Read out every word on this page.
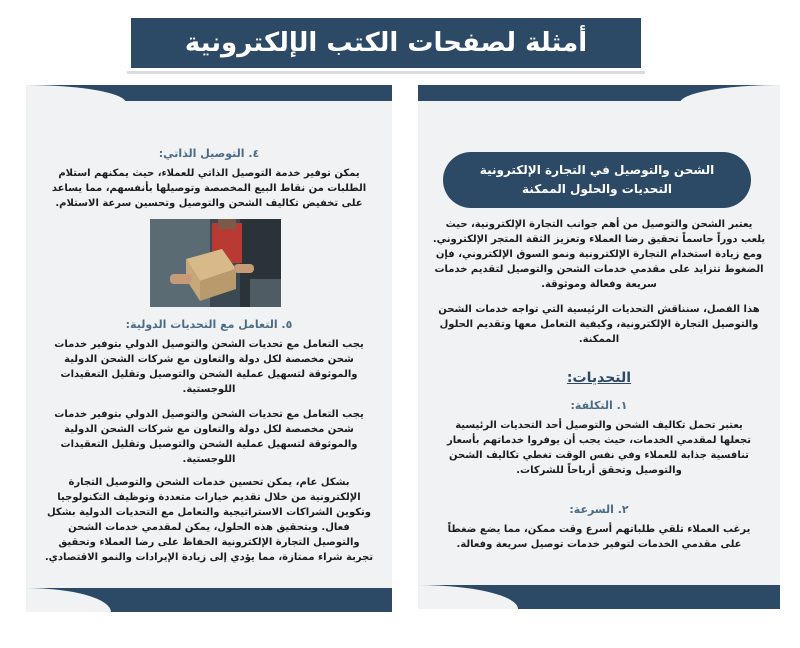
أمثلة لصفحات الكتب الإلكترونية

٤. التوصيل الذاتي:

يمكن توفير خدمة التوصيل الذاتي للعملاء، حيث يمكنهم استلام الطلبات من نقاط البيع المخصصة وتوصيلها بأنفسهم، مما يساعد على تخفيض تكاليف الشحن والتوصيل وتحسين سرعة الاستلام.

٥. التعامل مع التحديات الدولية:

يجب التعامل مع تحديات الشحن والتوصيل الدولي بتوفير خدمات شحن مخصصة لكل دولة والتعاون مع شركات الشحن الدولية والموثوقة لتسهيل عملية الشحن والتوصيل وتقليل التعقيدات اللوجستية.

يجب التعامل مع تحديات الشحن والتوصيل الدولي بتوفير خدمات شحن مخصصة لكل دولة والتعاون مع شركات الشحن الدولية والموثوقة لتسهيل عملية الشحن والتوصيل وتقليل التعقيدات اللوجستية.

بشكل عام، يمكن تحسين خدمات الشحن والتوصيل التجارة الإلكترونية من خلال تقديم خيارات متعددة وتوظيف التكنولوجيا وتكوين الشراكات الاستراتيجية والتعامل مع التحديات الدولية بشكل فعال. وبتحقيق هذه الحلول، يمكن لمقدمي خدمات الشحن والتوصيل التجارة الإلكترونية الحفاظ على رضا العملاء وتحقيق تجربة شراء ممتازة، مما يؤدي إلى زيادة الإيرادات والنمو الاقتصادي.

الشحن والتوصيل في التجارة الإلكترونية
التحديات والحلول الممكنة

يعتبر الشحن والتوصيل من أهم جوانب التجارة الإلكترونية، حيث يلعب دوراً حاسماً تحقيق رضا العملاء وتعزيز الثقة المتجر الإلكتروني. ومع زيادة استخدام التجارة الإلكترونية ونمو السوق الإلكتروني، فإن الضغوط تتزايد على مقدمي خدمات الشحن والتوصيل لتقديم خدمات سريعة وفعالة وموثوقة.

هذا الفصل، سنناقش التحديات الرئيسية التي تواجه خدمات الشحن والتوصيل التجارة الإلكترونية، وكيفية التعامل معها وتقديم الحلول الممكنة.

التحديات:

١. التكلفة:

يعتبر تحمل تكاليف الشحن والتوصيل أحد التحديات الرئيسية تجعلها لمقدمي الخدمات، حيث يجب أن يوفروا خدماتهم بأسعار تنافسية جذابة للعملاء وفي نفس الوقت تغطي تكاليف الشحن والتوصيل وتحقق أرباحاً للشركات.

٢. السرعة:

يرغب العملاء تلقي طلباتهم أسرع وقت ممكن، مما يضع ضغطاً على مقدمي الخدمات لتوفير خدمات توصيل سريعة وفعالة.
